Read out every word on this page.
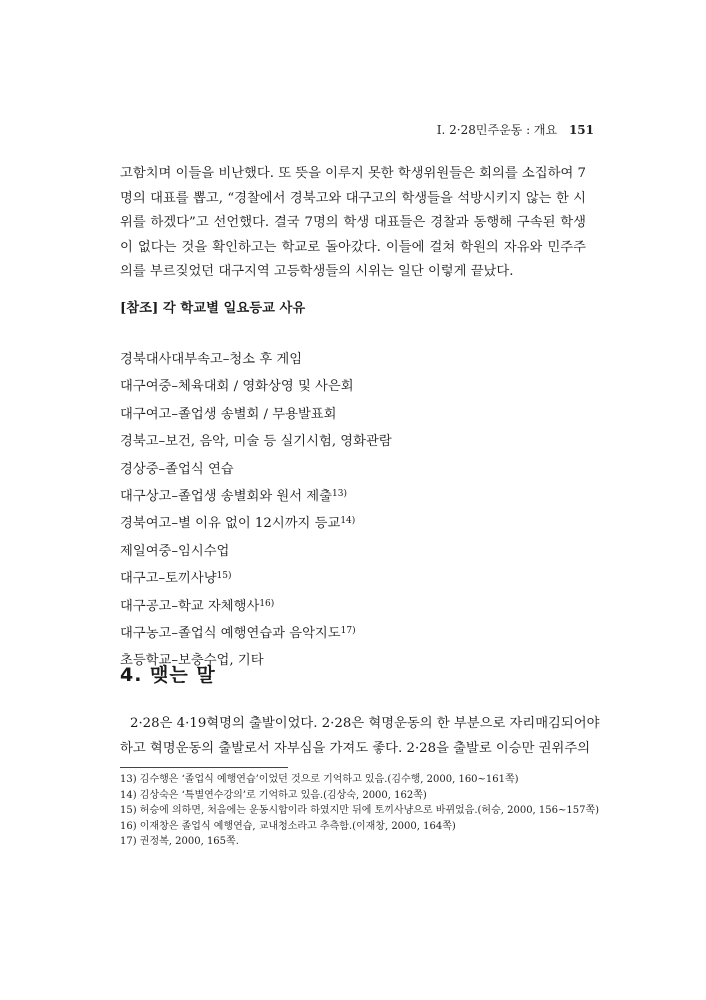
Ⅰ. 2·28민주운동 : 개요 151
고함치며 이들을 비난했다. 또 뜻을 이루지 못한 학생위원들은 회의를 소집하여 7
명의 대표를 뽑고, “경찰에서 경북고와 대구고의 학생들을 석방시키지 않는 한 시
위를 하겠다”고 선언했다. 결국 7명의 학생 대표들은 경찰과 동행해 구속된 학생
이 없다는 것을 확인하고는 학교로 돌아갔다. 이들에 걸쳐 학원의 자유와 민주주
의를 부르짖었던 대구지역 고등학생들의 시위는 일단 이렇게 끝났다.
[참조] 각 학교별 일요등교 사유
경북대사대부속고–청소 후 게임
대구여중–체육대회 / 영화상영 및 사은회
대구여고–졸업생 송별회 / 무용발표회
경북고–보건, 음악, 미술 등 실기시험, 영화관람
경상중–졸업식 연습
대구상고–졸업생 송별회와 원서 제출$^{13)}$
경북여고–별 이유 없이 12시까지 등교$^{14)}$
제일여중–임시수업
대구고–토끼사냥$^{15)}$
대구공고–학교 자체행사$^{16)}$
대구농고–졸업식 예행연습과 음악지도$^{17)}$
초등학교–보충수업, 기타
4. 맺는 말
2·28은 4·19혁명의 출발이었다. 2·28은 혁명운동의 한 부분으로 자리매김되어야
하고 혁명운동의 출발로서 자부심을 가져도 좋다. 2·28을 출발로 이승만 권위주의
13) 김수행은 ‘졸업식 예행연습’이었던 것으로 기억하고 있음.(김수행, 2000, 160~161쪽)
14) 김상숙은 ‘특별연수강의’로 기억하고 있음.(김상숙, 2000, 162쪽)
15) 허승에 의하면, 처음에는 운동시합이라 하였지만 뒤에 토끼사냥으로 바뀌었음.(허승, 2000, 156~157쪽)
16) 이재창은 졸업식 예행연습, 교내청소라고 추측함.(이재창, 2000, 164쪽)
17) 권정복, 2000, 165쪽.
